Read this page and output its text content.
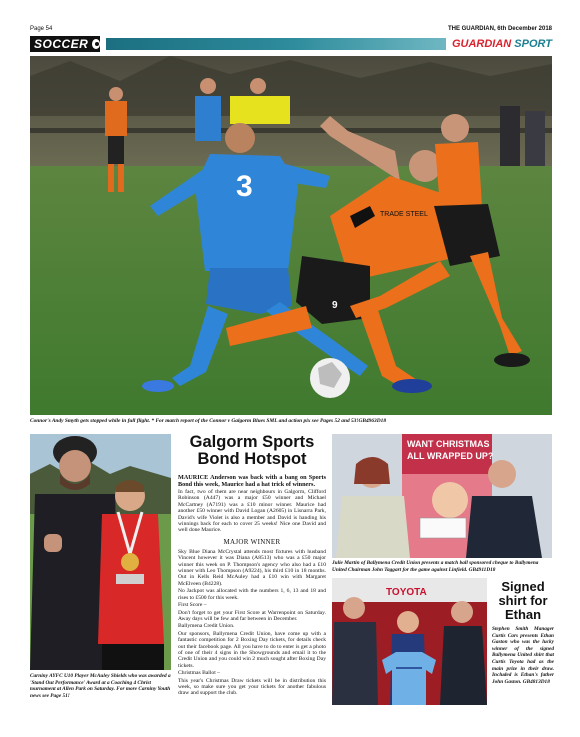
Page 54	THE GUARDIAN, 6th December 2018
SOCCER	GUARDIAN SPORT
3
TRADE STEEL
9
Connor's Andy Smyth gets stopped while in full flight. * For match report of the Connor v Galgorm Blues SML and action pix see Pages 52 and 53!GB4963D18
Carniny AYFC U10 Player McAuley Shields who was awarded a 'Stand Out Performance' Award at a Coaching 4 Christ tournament at Allen Park on Saturday. For more Carniny Youth news see Page 51!
Galgorm Sports Bond Hotspot

MAURICE Anderson was back with a bang on Sports Bond this week, Maurice had a hat trick of winners.

In fact, two of them are near neighbours in Galgorm, Clifford Robinson (A447) was a major £50 winner and Michael McCartney (A7191) was a £10 minor winner. Maurice had another £50 winner with David Logan (A2605) in Lisnarra Park, David's wife Violet is also a member and David is handing his winnings back for each to cover 25 weeks! Nice one David and well done Maurice.

MAJOR WINNER

Sky Blue Diana McCrystal attends most fixtures with husband Vincent however it was Diana (A8513) who was a £50 major winner this week on P. Thompson's agency who also had a £10 winner with Leo Thompson (A9224), his third £10 in 18 months. Out in Kells Reid McAuley had a £10 win with Margaret McElveen (B4228).

No Jackpot was allocated with the numbers 1, 6, 13 and 18 and rises to £500 for this week.

First Score –

Don't forget to get your First Score at Warrenpoint on Saturday. Away days will be few and far between in December.

Ballymena Credit Union.

Our sponsors, Ballymena Credit Union, have come up with a fantastic competition for 2 Boxing Day tickets, for details check out their facebook page. All you have to do to enter is get a photo of one of their 4 signs in the Showgrounds and email it to the Credit Union and you could win 2 much sought after Boxing Day tickets.

Christmas Ballot –

This year's Christmas Draw tickets will be in distribution this week, so make sure you get your tickets for another fabulous draw and support the club.

WANT CHRISTMAS
ALL WRAPPED UP?
Julie Martin of Ballymena Credit Union presents a match ball sponsored cheque to Ballymena United Chairman John Taggart for the game against Linfield. GB4911D18
TOYOTA	Signed shirt for Ethan
Stephen Smith Manager Curtis Cars presents Ethan Gaston who was the lucky winner of the signed Ballymena United shirt that Curtis Toyota had as the main prize in their draw. Included is Ethan's father John Gaston. GB4813D18
